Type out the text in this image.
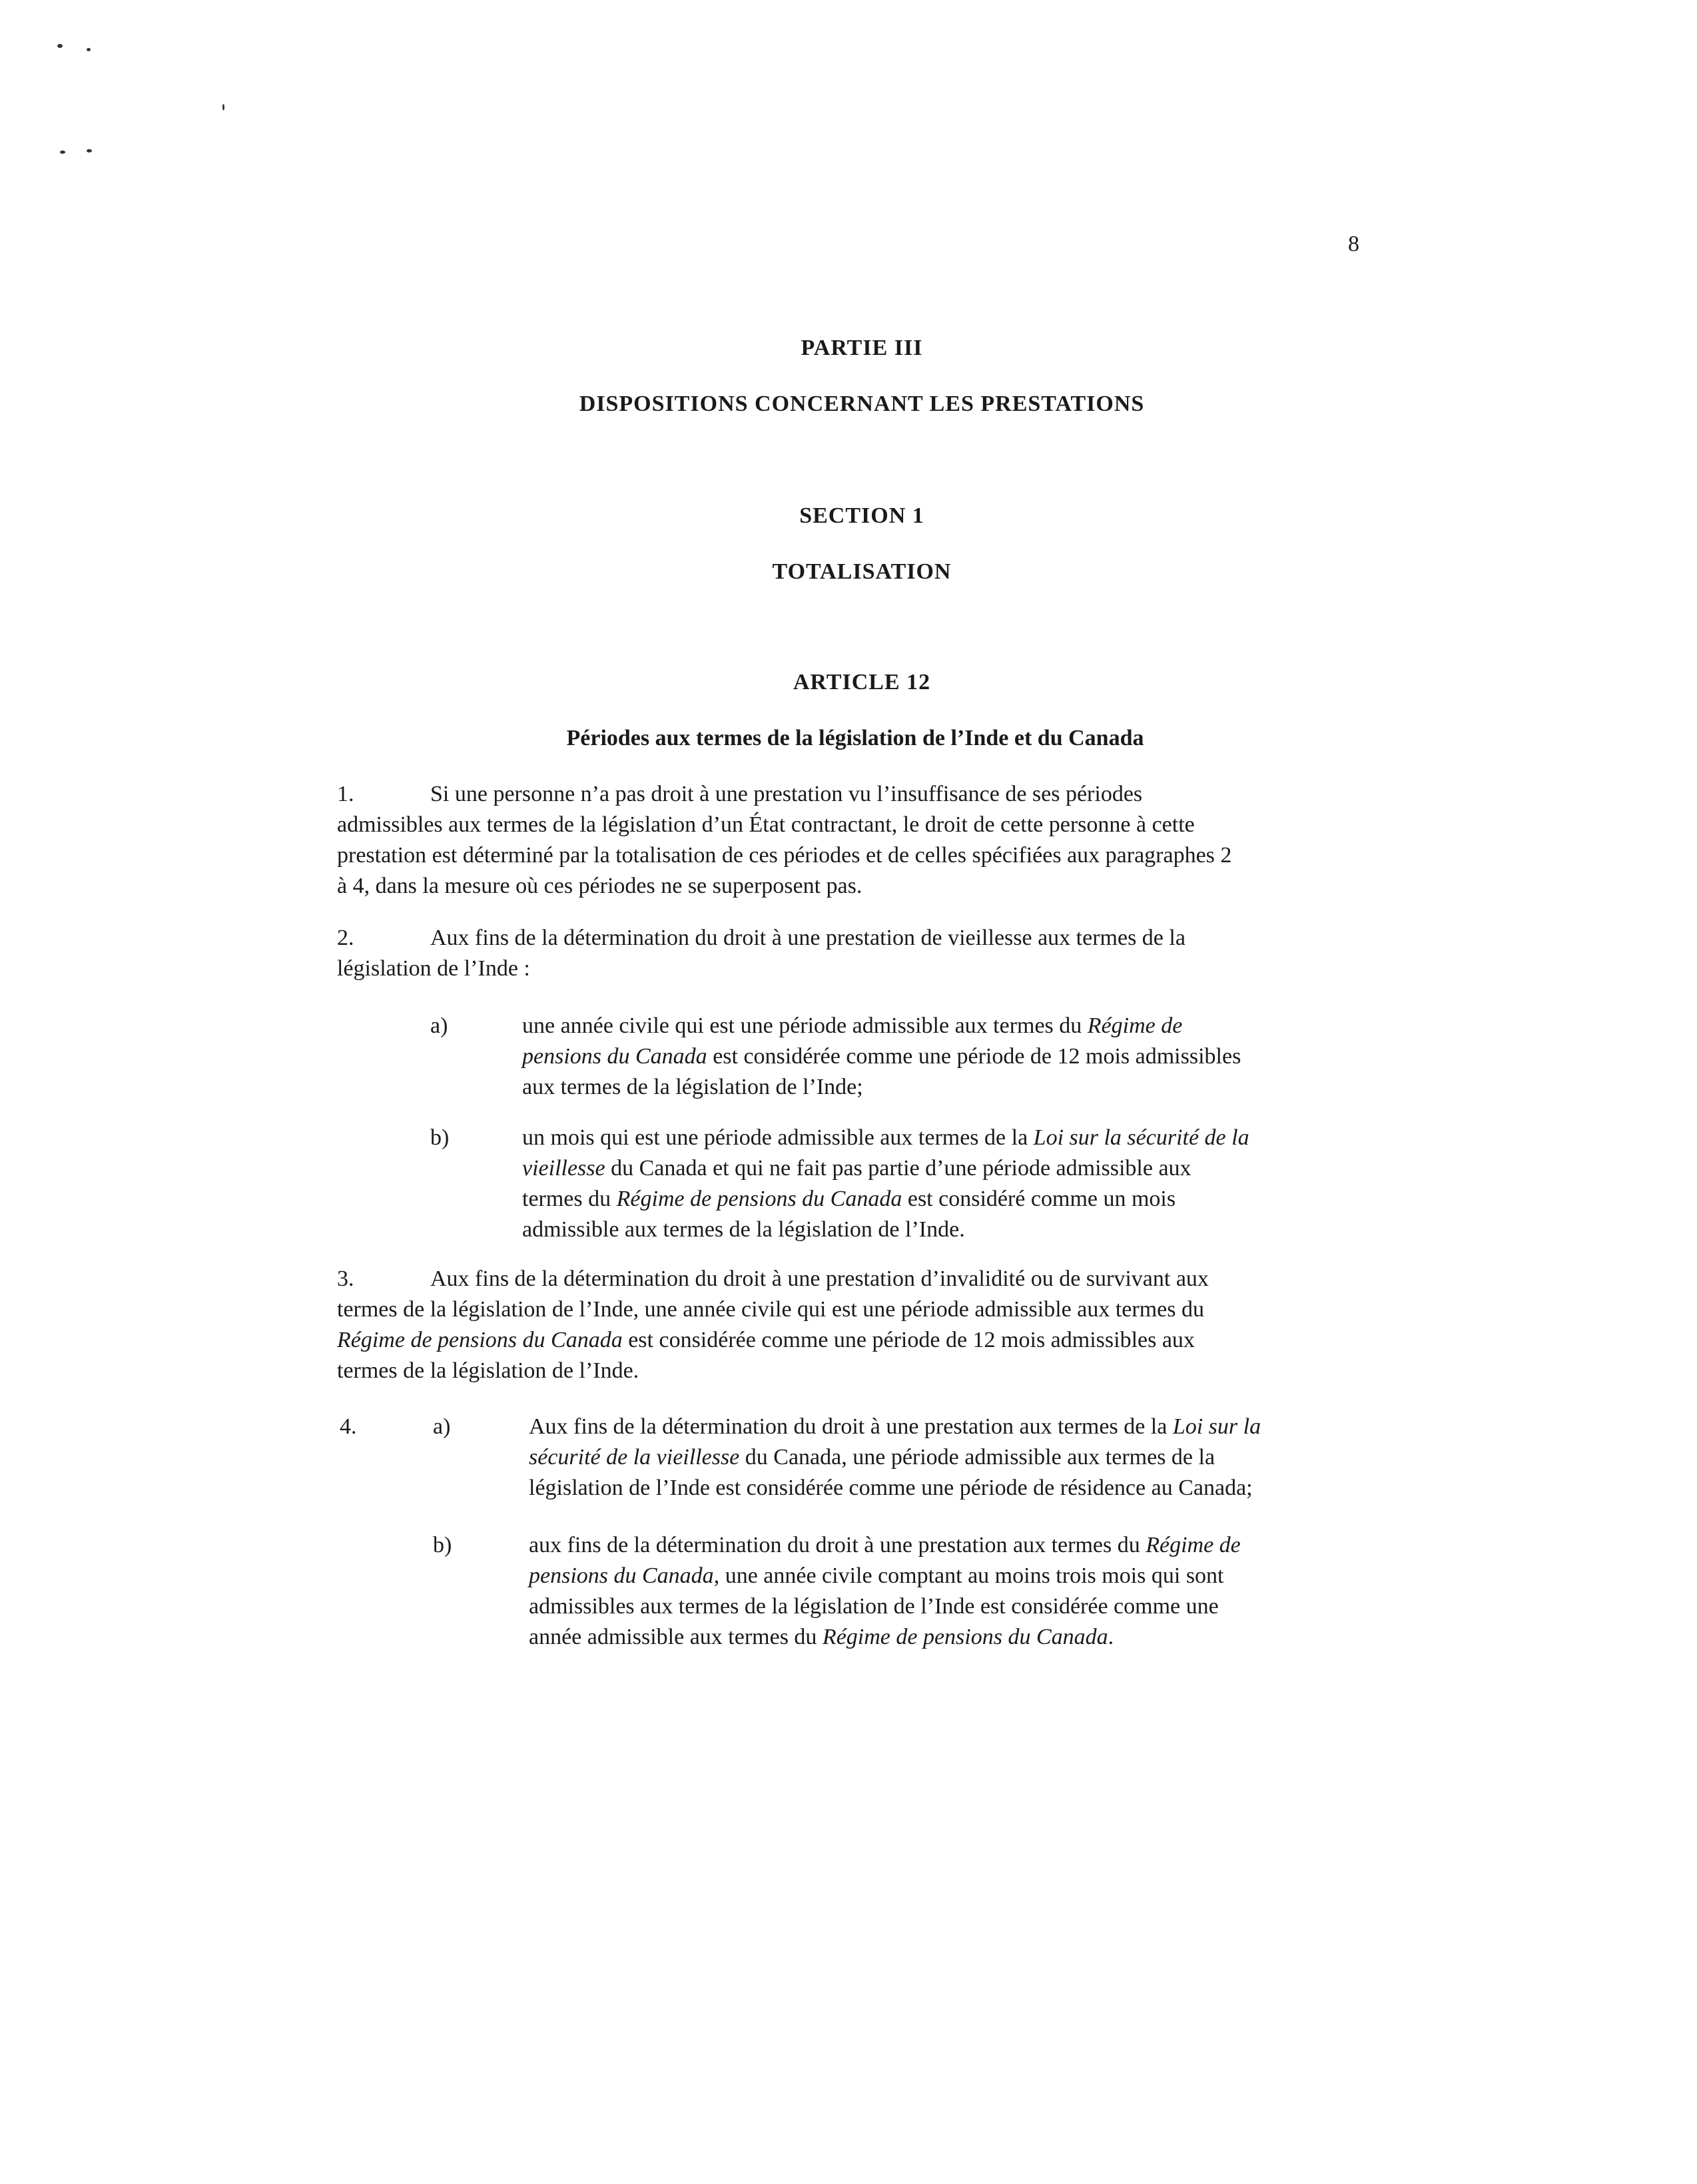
8
PARTIE III
DISPOSITIONS CONCERNANT LES PRESTATIONS
SECTION 1
TOTALISATION
ARTICLE 12
Périodes aux termes de la législation de l’Inde et du Canada

1.	Si une personne n’a pas droit à une prestation vu l’insuffisance de ses périodes

admissibles aux termes de la législation d’un État contractant, le droit de cette personne à cette

prestation est déterminé par la totalisation de ces périodes et de celles spécifiées aux paragraphes 2

à 4, dans la mesure où ces périodes ne se superposent pas.

2.	Aux fins de la détermination du droit à une prestation de vieillesse aux termes de la

législation de l’Inde :

a)	une année civile qui est une période admissible aux termes du Régime de
pensions du Canada est considérée comme une période de 12 mois admissibles
aux termes de la législation de l’Inde;
b)	un mois qui est une période admissible aux termes de la Loi sur la sécurité de la
vieillesse du Canada et qui ne fait pas partie d’une période admissible aux
termes du Régime de pensions du Canada est considéré comme un mois
admissible aux termes de la législation de l’Inde.

3.	Aux fins de la détermination du droit à une prestation d’invalidité ou de survivant aux

termes de la législation de l’Inde, une année civile qui est une période admissible aux termes du

Régime de pensions du Canada est considérée comme une période de 12 mois admissibles aux

termes de la législation de l’Inde.

4.	a)	Aux fins de la détermination du droit à une prestation aux termes de la Loi sur la
sécurité de la vieillesse du Canada, une période admissible aux termes de la
législation de l’Inde est considérée comme une période de résidence au Canada;
b)	aux fins de la détermination du droit à une prestation aux termes du Régime de
pensions du Canada, une année civile comptant au moins trois mois qui sont
admissibles aux termes de la législation de l’Inde est considérée comme une
année admissible aux termes du Régime de pensions du Canada.
